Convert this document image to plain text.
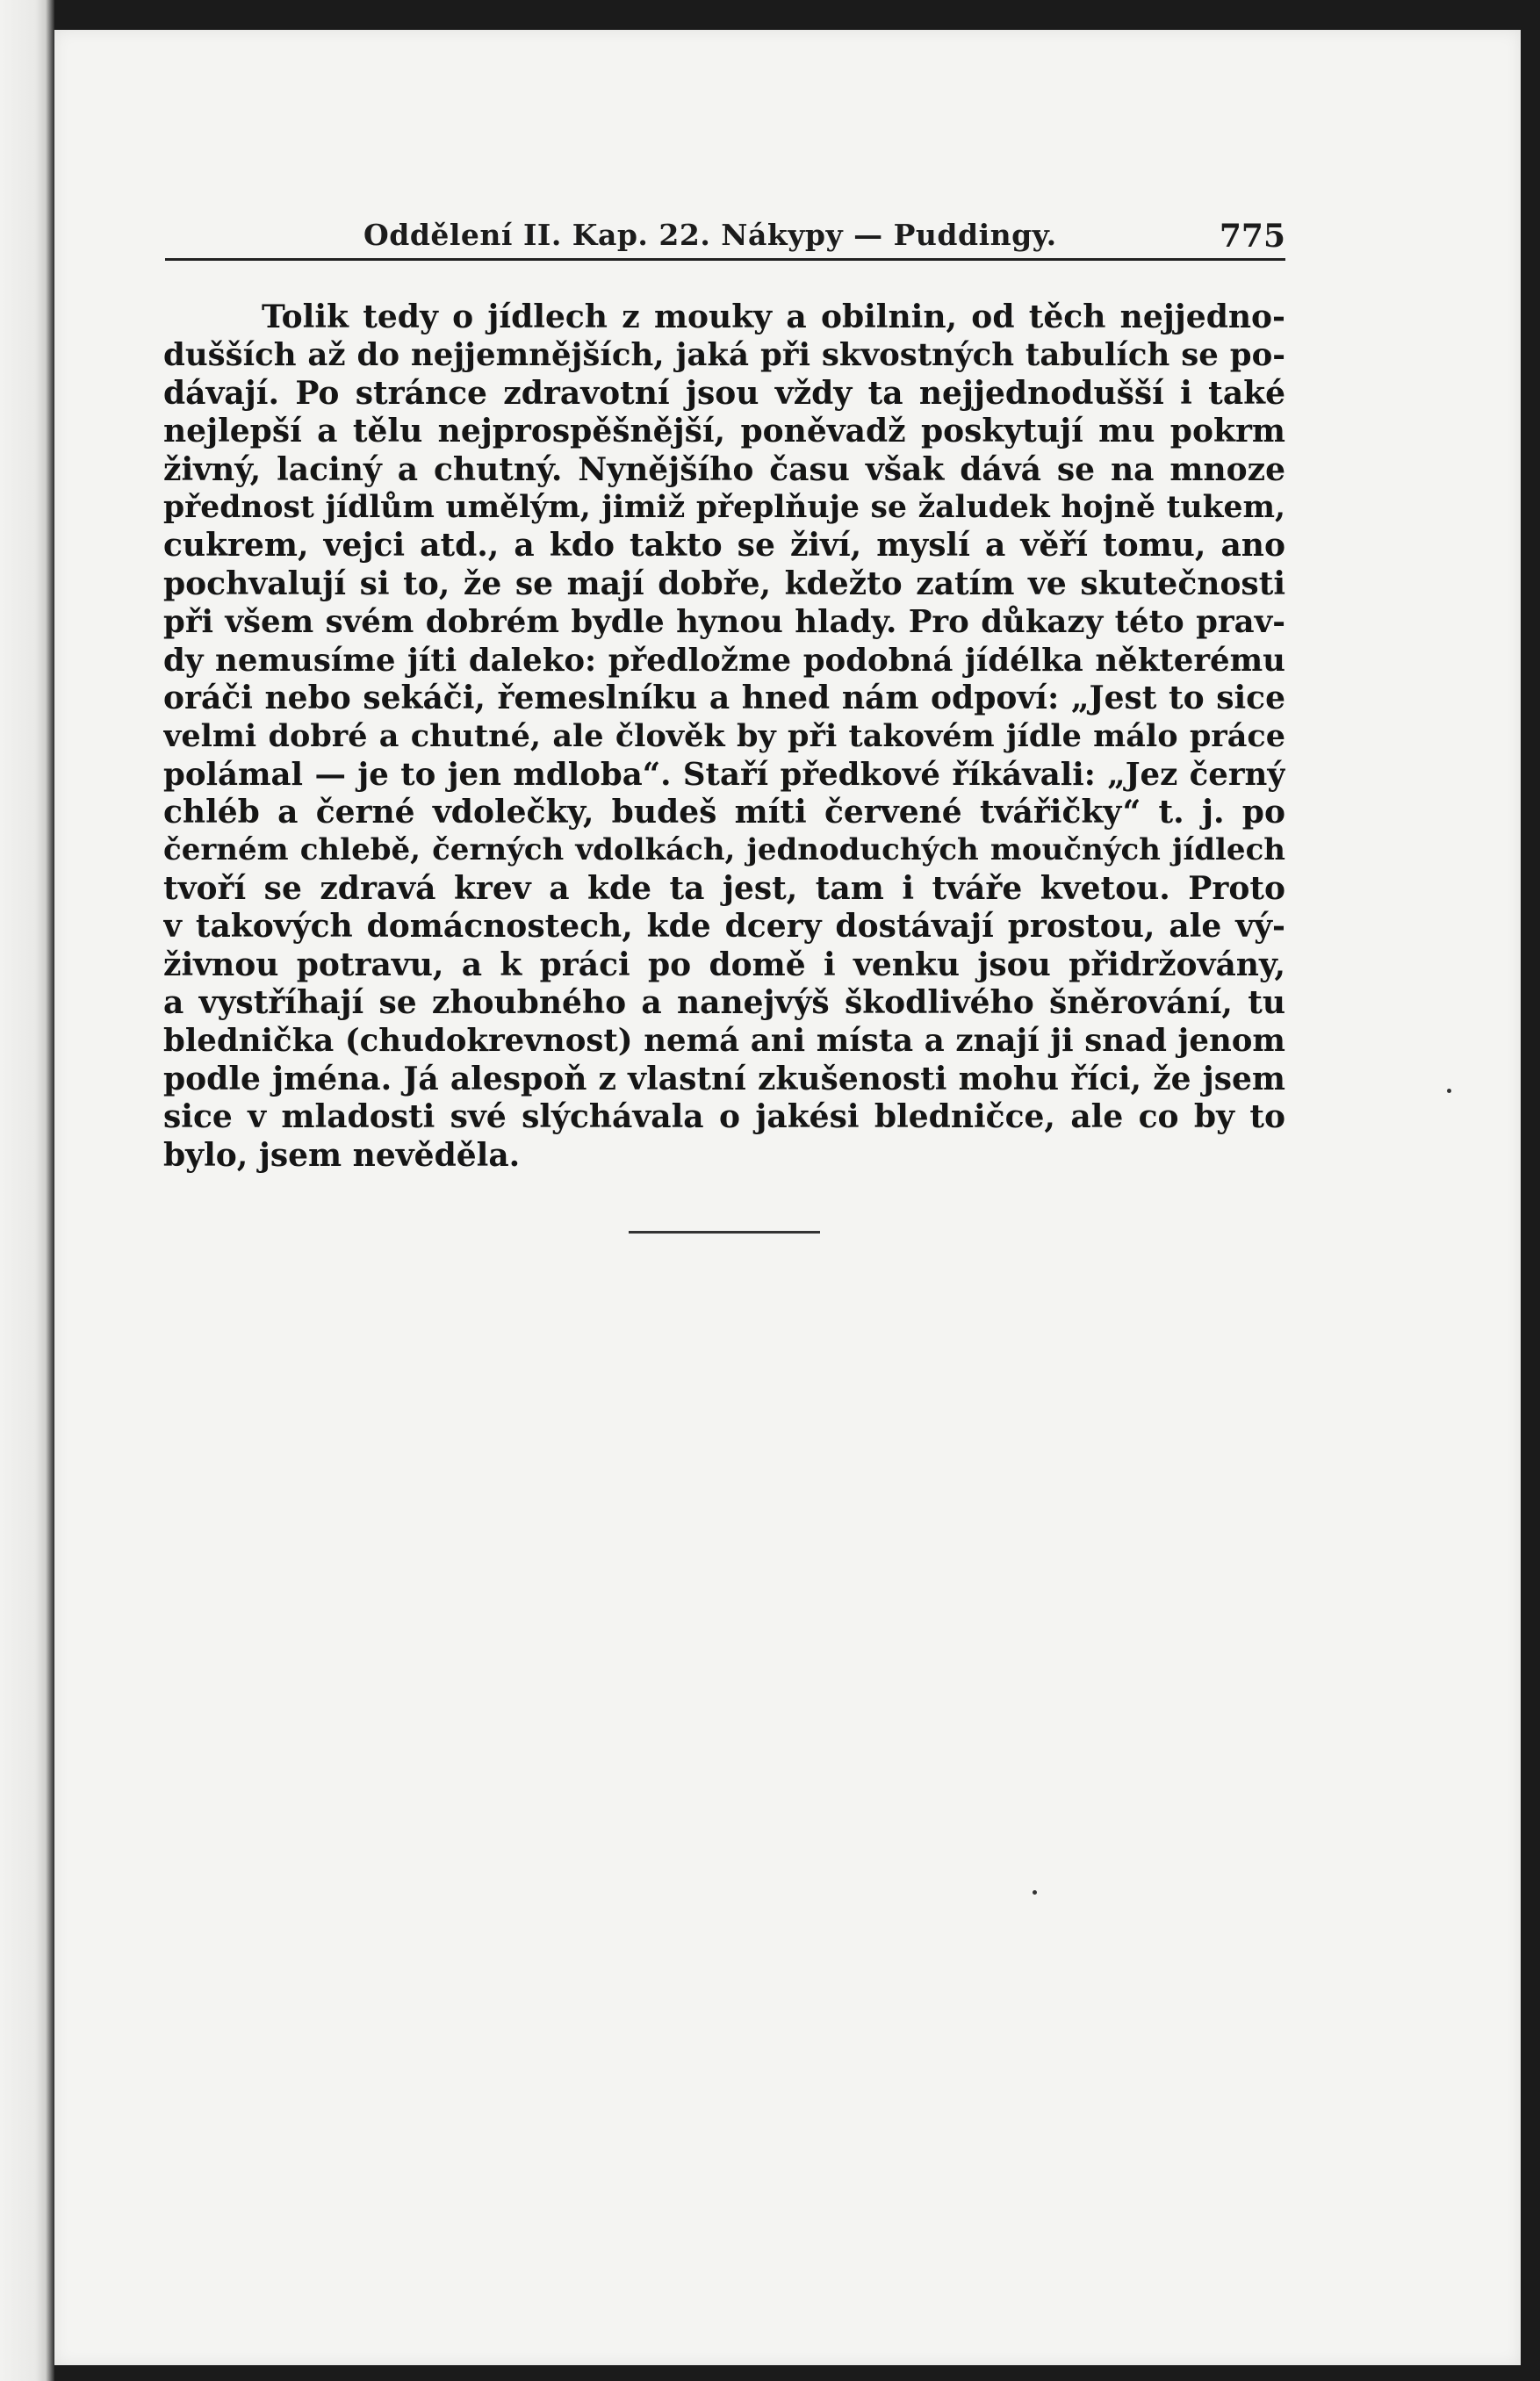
Oddělení II. Kap. 22. Nákypy — Puddingy.	775
Tolik tedy o jídlech z mouky a obilnin, od těch nejjedno-
dušších až do nejjemnějších, jaká při skvostných tabulích se po-
dávají. Po stránce zdravotní jsou vždy ta nejjednodušší i také
nejlepší a tělu nejprospěšnější, poněvadž poskytují mu pokrm
živný, laciný a chutný. Nynějšího času však dává se na mnoze
přednost jídlům umělým, jimiž přeplňuje se žaludek hojně tukem,
cukrem, vejci atd., a kdo takto se živí, myslí a věří tomu, ano
pochvalují si to, že se mají dobře, kdežto zatím ve skutečnosti
při všem svém dobrém bydle hynou hlady. Pro důkazy této prav-
dy nemusíme jíti daleko: předložme podobná jídélka některému
oráči nebo sekáči, řemeslníku a hned nám odpoví: „Jest to sice
velmi dobré a chutné, ale člověk by při takovém jídle málo práce
polámal — je to jen mdloba“. Staří předkové říkávali: „Jez černý
chléb a černé vdolečky, budeš míti červené tvářičky“ t. j. po
černém chlebě, černých vdolkách, jednoduchých moučných jídlech
tvoří se zdravá krev a kde ta jest, tam i tváře kvetou. Proto
v takových domácnostech, kde dcery dostávají prostou, ale vý-
živnou potravu, a k práci po domě i venku jsou přidržovány,
a vystříhají se zhoubného a nanejvýš škodlivého šněrování, tu
blednička (chudokrevnost) nemá ani místa a znají ji snad jenom
podle jména. Já alespoň z vlastní zkušenosti mohu říci, že jsem
sice v mladosti své slýchávala o jakési bledničce, ale co by to
bylo, jsem nevěděla.
